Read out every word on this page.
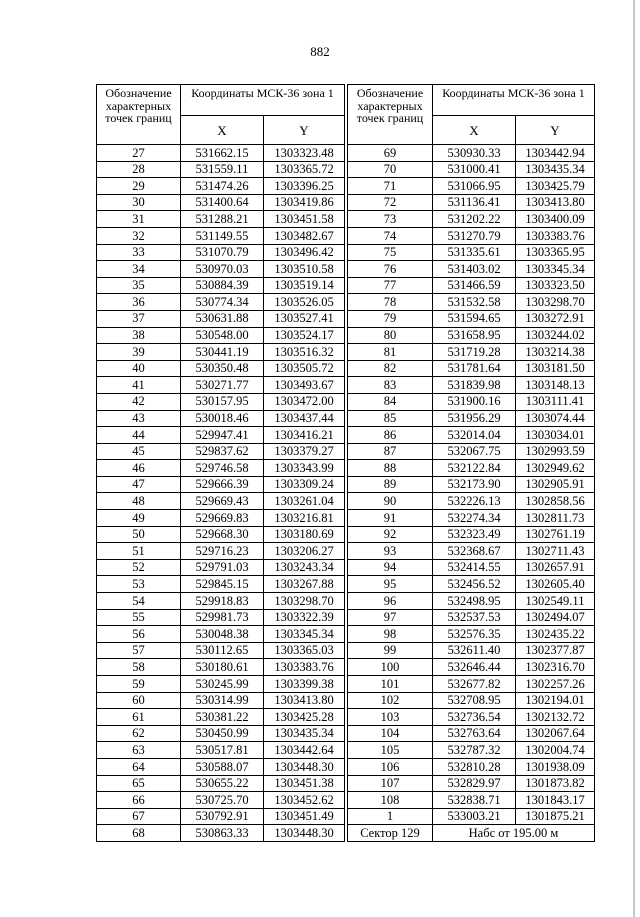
882
Обозначение характерных точек границ	Координаты МСК-36 зона 1	
	X	Y
27	531662.15	1303323.48
28	531559.11	1303365.72
29	531474.26	1303396.25
30	531400.64	1303419.86
31	531288.21	1303451.58
32	531149.55	1303482.67
33	531070.79	1303496.42
34	530970.03	1303510.58
35	530884.39	1303519.14
36	530774.34	1303526.05
37	530631.88	1303527.41
38	530548.00	1303524.17
39	530441.19	1303516.32
40	530350.48	1303505.72
41	530271.77	1303493.67
42	530157.95	1303472.00
43	530018.46	1303437.44
44	529947.41	1303416.21
45	529837.62	1303379.27
46	529746.58	1303343.99
47	529666.39	1303309.24
48	529669.43	1303261.04
49	529669.83	1303216.81
50	529668.30	1303180.69
51	529716.23	1303206.27
52	529791.03	1303243.34
53	529845.15	1303267.88
54	529918.83	1303298.70
55	529981.73	1303322.39
56	530048.38	1303345.34
57	530112.65	1303365.03
58	530180.61	1303383.76
59	530245.99	1303399.38
60	530314.99	1303413.80
61	530381.22	1303425.28
62	530450.99	1303435.34
63	530517.81	1303442.64
64	530588.07	1303448.30
65	530655.22	1303451.38
66	530725.70	1303452.62
67	530792.91	1303451.49
68	530863.33	1303448.30
Обозначение характерных точек границ	Координаты МСК-36 зона 1	
	X	Y
69	530930.33	1303442.94
70	531000.41	1303435.34
71	531066.95	1303425.79
72	531136.41	1303413.80
73	531202.22	1303400.09
74	531270.79	1303383.76
75	531335.61	1303365.95
76	531403.02	1303345.34
77	531466.59	1303323.50
78	531532.58	1303298.70
79	531594.65	1303272.91
80	531658.95	1303244.02
81	531719.28	1303214.38
82	531781.64	1303181.50
83	531839.98	1303148.13
84	531900.16	1303111.41
85	531956.29	1303074.44
86	532014.04	1303034.01
87	532067.75	1302993.59
88	532122.84	1302949.62
89	532173.90	1302905.91
90	532226.13	1302858.56
91	532274.34	1302811.73
92	532323.49	1302761.19
93	532368.67	1302711.43
94	532414.55	1302657.91
95	532456.52	1302605.40
96	532498.95	1302549.11
97	532537.53	1302494.07
98	532576.35	1302435.22
99	532611.40	1302377.87
100	532646.44	1302316.70
101	532677.82	1302257.26
102	532708.95	1302194.01
103	532736.54	1302132.72
104	532763.64	1302067.64
105	532787.32	1302004.74
106	532810.28	1301938.09
107	532829.97	1301873.82
108	532838.71	1301843.17
1	533003.21	1301875.21
Сектор 129	Набс от 195.00 м	
